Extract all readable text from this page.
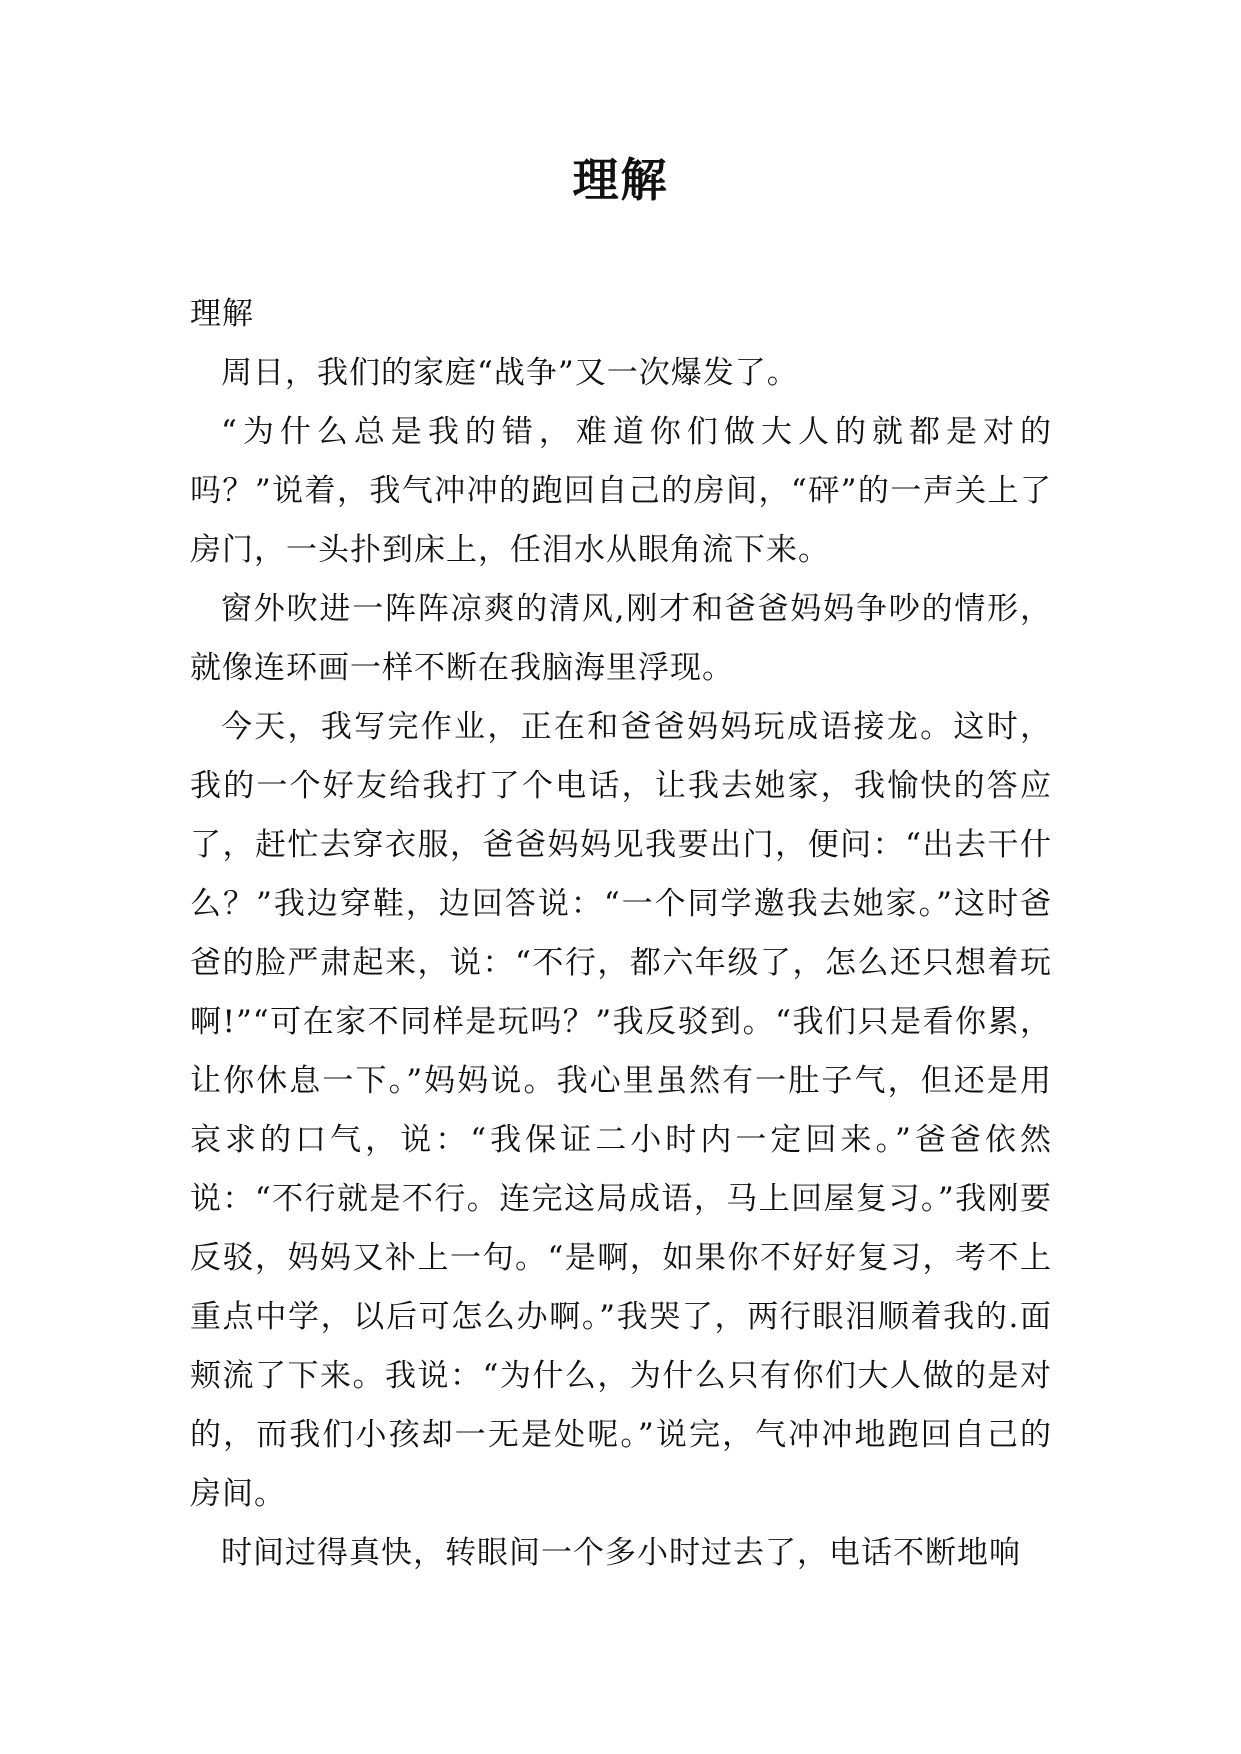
理解

理解

周日，我们的家庭“战争”又一次爆发了。

“为什么总是我的错，难道你们做大人的就都是对的吗？”说着，我气冲冲的跑回自己的房间，“砰”的一声关上了房门，一头扑到床上，任泪水从眼角流下来。

窗外吹进一阵阵凉爽的清风,刚才和爸爸妈妈争吵的情形，就像连环画一样不断在我脑海里浮现。

今天，我写完作业，正在和爸爸妈妈玩成语接龙。这时，我的一个好友给我打了个电话，让我去她家，我愉快的答应了，赶忙去穿衣服，爸爸妈妈见我要出门，便问：“出去干什么？”我边穿鞋，边回答说：“一个同学邀我去她家。”这时爸爸的脸严肃起来，说：“不行，都六年级了，怎么还只想着玩啊!”“可在家不同样是玩吗？”我反驳到。“我们只是看你累，让你休息一下。”妈妈说。我心里虽然有一肚子气，但还是用哀求的口气，说：“我保证二小时内一定回来。”爸爸依然说：“不行就是不行。连完这局成语，马上回屋复习。”我刚要反驳，妈妈又补上一句。“是啊，如果你不好好复习，考不上重点中学，以后可怎么办啊。”我哭了，两行眼泪顺着我的.面颊流了下来。我说：“为什么，为什么只有你们大人做的是对的，而我们小孩却一无是处呢。”说完，气冲冲地跑回自己的房间。

时间过得真快，转眼间一个多小时过去了，电话不断地响
